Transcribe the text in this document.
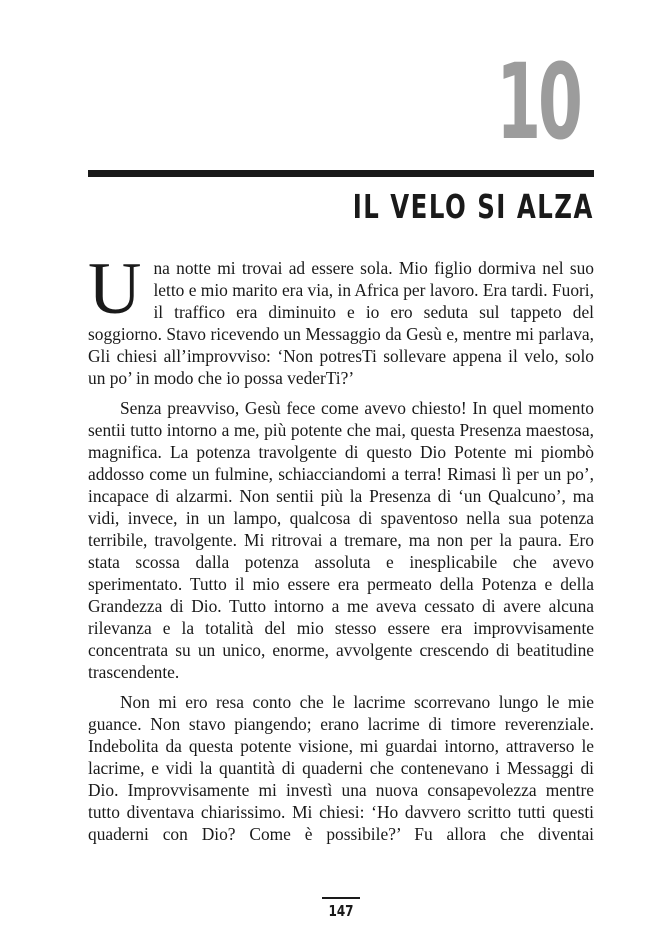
10
IL VELO SI ALZA

Una notte mi trovai ad essere sola. Mio figlio dormiva nel suo letto e mio marito era via, in Africa per lavoro. Era tardi. Fuori, il traffico era diminuito e io ero seduta sul tappeto del soggiorno. Stavo ricevendo un Messaggio da Gesù e, mentre mi parlava, Gli chiesi all’improvviso: ‘Non potresTi sollevare appena il velo, solo un po’ in modo che io possa vederTi?’

Senza preavviso, Gesù fece come avevo chiesto! In quel momento sentii tutto intorno a me, più potente che mai, questa Presenza maestosa, magnifica. La potenza travolgente di questo Dio Potente mi piombò addosso come un fulmine, schiacciandomi a terra! Rimasi lì per un po’, incapace di alzarmi. Non sentii più la Presenza di ‘un Qualcuno’, ma vidi, invece, in un lampo, qualcosa di spaventoso nella sua potenza terribile, travolgente. Mi ritrovai a tremare, ma non per la paura. Ero stata scossa dalla potenza assoluta e inesplicabile che avevo sperimentato. Tutto il mio essere era permeato della Potenza e della Grandezza di Dio. Tutto intorno a me aveva cessato di avere alcuna rilevanza e la totalità del mio stesso essere era improvvisamente concentrata su un unico, enorme, avvolgente crescendo di beatitudine trascendente.

Non mi ero resa conto che le lacrime scorrevano lungo le mie guance. Non stavo piangendo; erano lacrime di timore reverenziale. Indebolita da questa potente visione, mi guardai intorno, attraverso le lacrime, e vidi la quantità di quaderni che contenevano i Messaggi di Dio. Improvvisamente mi investì una nuova consapevolezza mentre tutto diventava chiarissimo. Mi chiesi: ‘Ho davvero scritto tutti questi quaderni con Dio? Come è possibile?’ Fu allora che diventai

147
